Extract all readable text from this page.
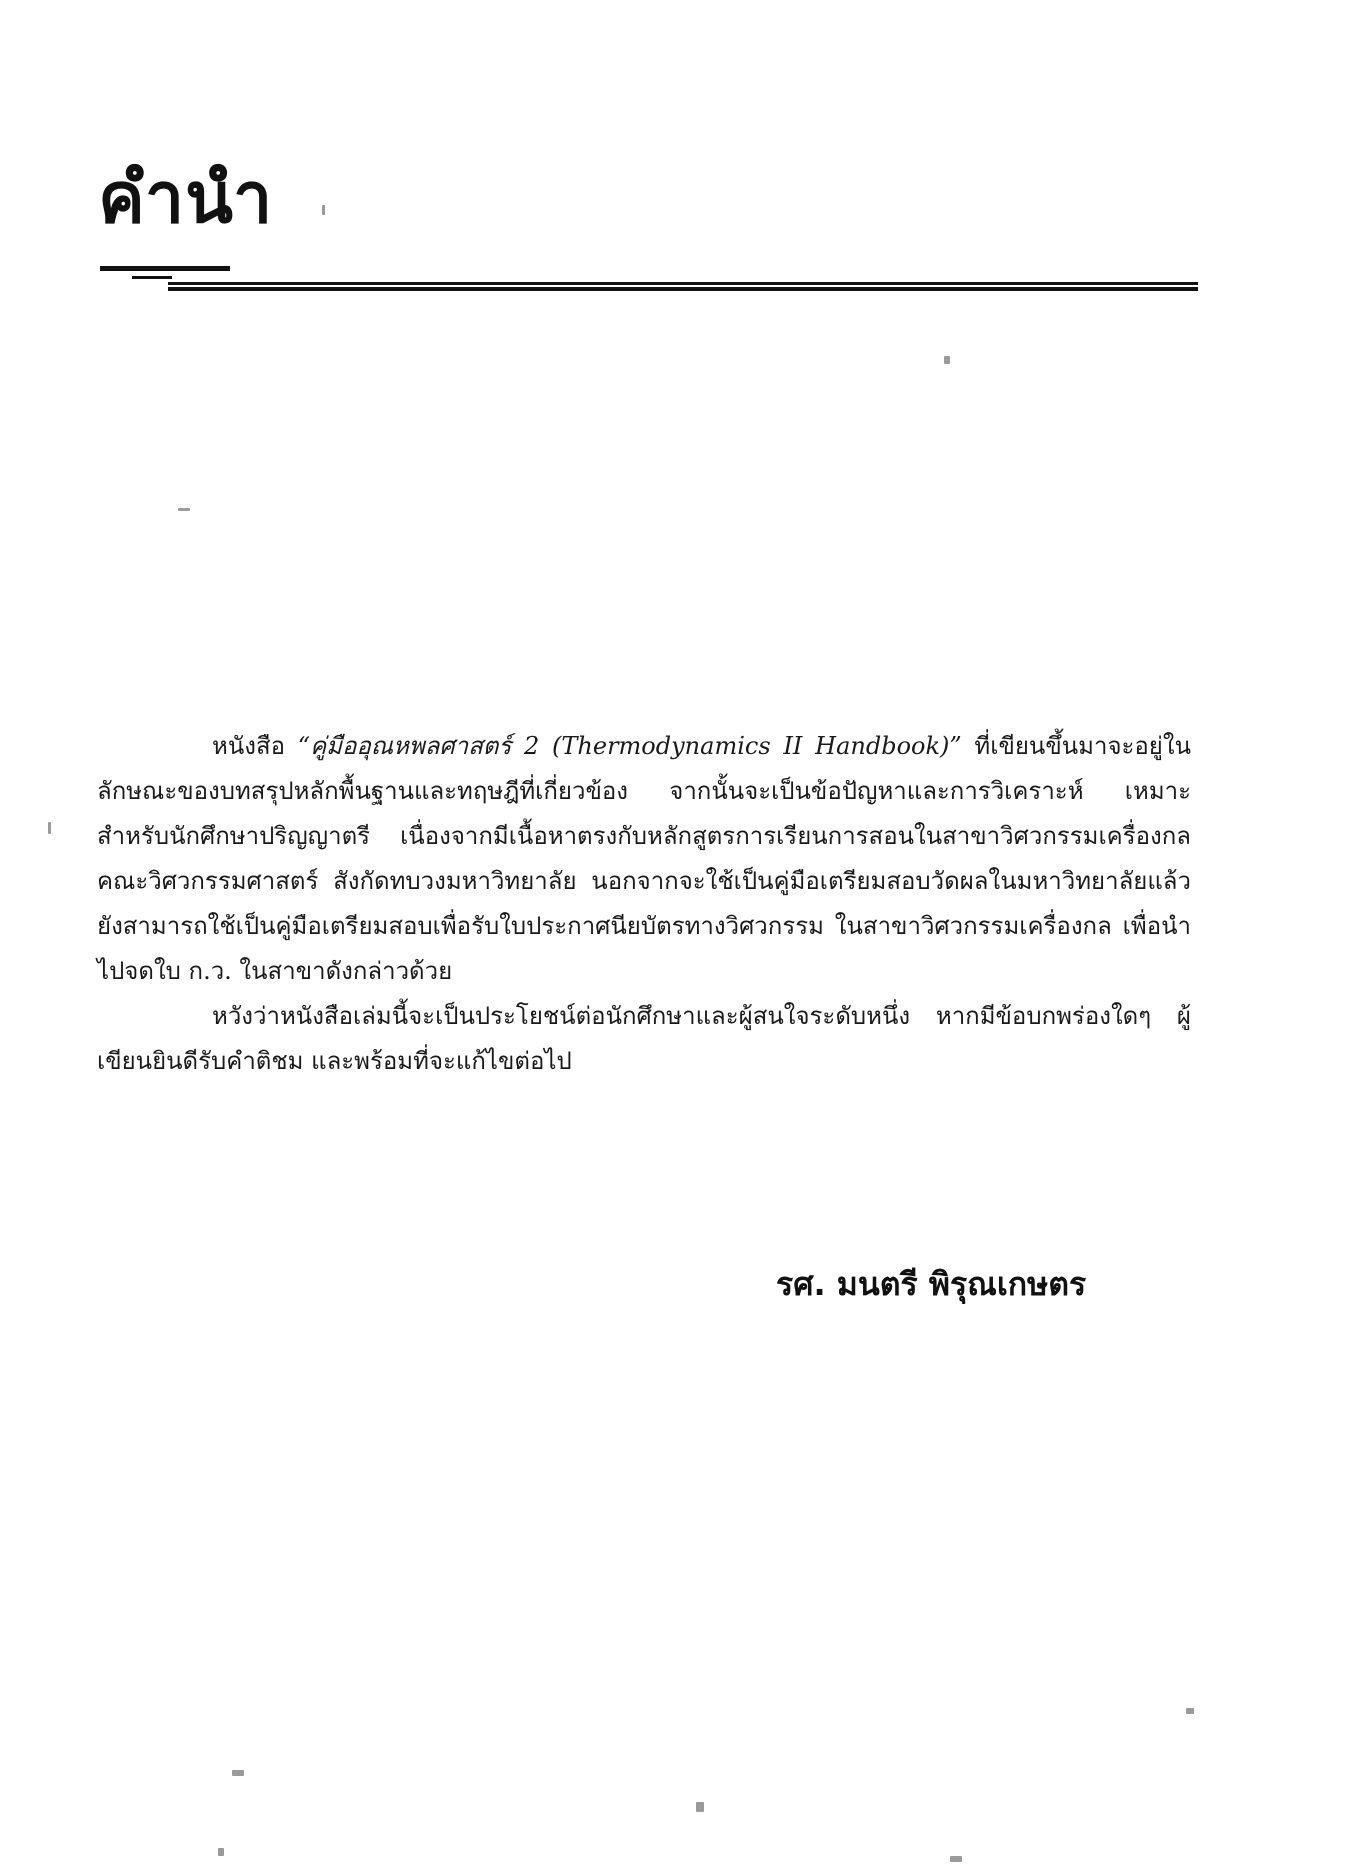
คำนำ

หนังสือ “คู่มืออุณหพลศาสตร์ 2 (Thermodynamics II Handbook)” ที่เขียนขึ้นมาจะอยู่ในลักษณะของบทสรุปหลักพื้นฐานและทฤษฎีที่เกี่ยวข้อง จากนั้นจะเป็นข้อปัญหาและการวิเคราะห์ เหมาะสำหรับนักศึกษาปริญญาตรี เนื่องจากมีเนื้อหาตรงกับหลักสูตรการเรียนการสอนในสาขาวิศวกรรมเครื่องกล คณะวิศวกรรมศาสตร์ สังกัดทบวงมหาวิทยาลัย นอกจากจะใช้เป็นคู่มือเตรียมสอบวัดผลในมหาวิทยาลัยแล้ว ยังสามารถใช้เป็นคู่มือเตรียมสอบเพื่อรับใบประกาศนียบัตรทางวิศวกรรม ในสาขาวิศวกรรมเครื่องกล เพื่อนำไปจดใบ ก.ว. ในสาขาดังกล่าวด้วย

หวังว่าหนังสือเล่มนี้จะเป็นประโยชน์ต่อนักศึกษาและผู้สนใจระดับหนึ่ง หากมีข้อบกพร่องใดๆ ผู้เขียนยินดีรับคำติชม และพร้อมที่จะแก้ไขต่อไป

รศ. มนตรี พิรุณเกษตร
